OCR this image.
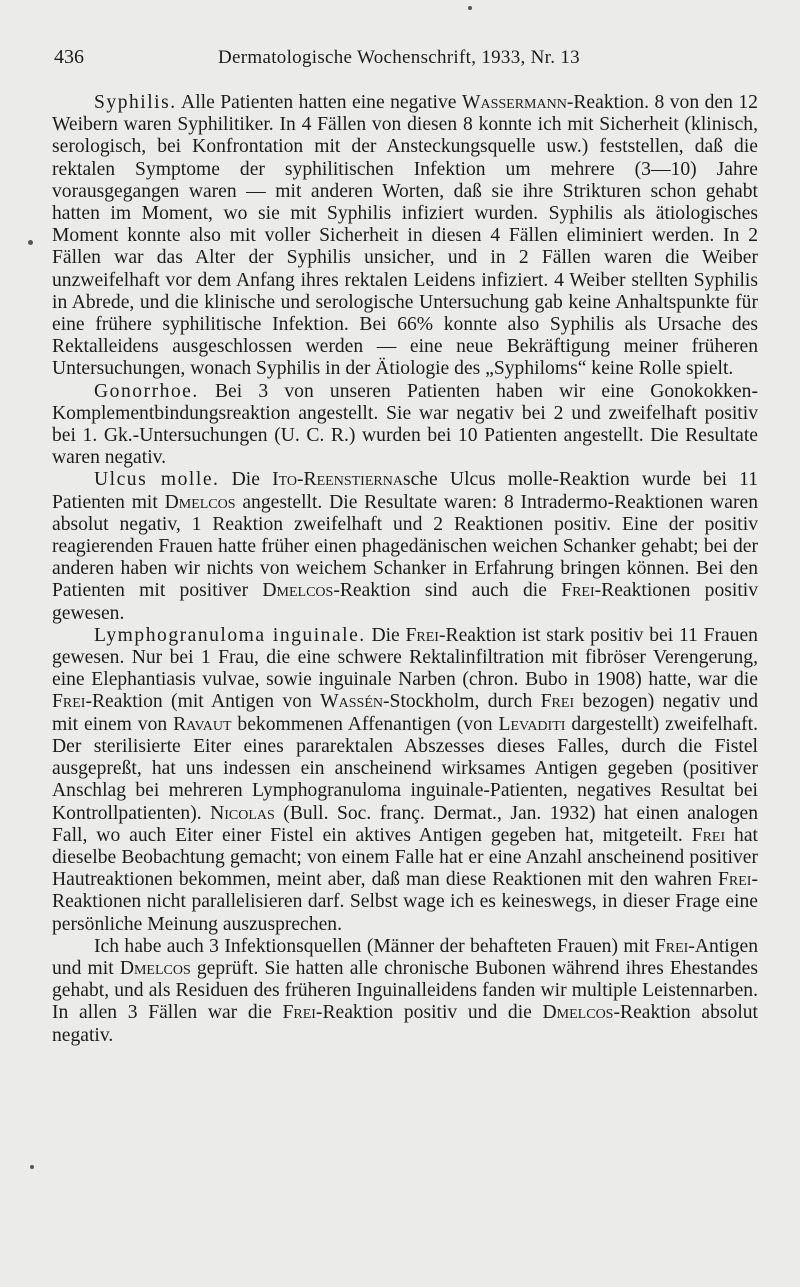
436	Dermatologische Wochenschrift, 1933, Nr. 13

Syphilis. Alle Patienten hatten eine negative Wassermann-Reaktion. 8 von den 12 Weibern waren Syphilitiker. In 4 Fällen von diesen 8 konnte ich mit Sicherheit (klinisch, serologisch, bei Konfrontation mit der Ansteckungsquelle usw.) feststellen, daß die rektalen Symptome der syphilitischen Infektion um mehrere (3—10) Jahre vorausgegangen waren — mit anderen Worten, daß sie ihre Strikturen schon gehabt hatten im Moment, wo sie mit Syphilis infiziert wurden. Syphilis als ätiologisches Moment konnte also mit voller Sicherheit in diesen 4 Fällen eliminiert werden. In 2 Fällen war das Alter der Syphilis unsicher, und in 2 Fällen waren die Weiber unzweifelhaft vor dem Anfang ihres rektalen Leidens infiziert. 4 Weiber stellten Syphilis in Abrede, und die klinische und serologische Untersuchung gab keine Anhaltspunkte für eine frühere syphilitische Infektion. Bei 66% konnte also Syphilis als Ursache des Rektalleidens ausgeschlossen werden — eine neue Bekräftigung meiner früheren Untersuchungen, wonach Syphilis in der Ätiologie des „Syphiloms“ keine Rolle spielt.

Gonorrhoe. Bei 3 von unseren Patienten haben wir eine Gonokokken-Komplementbindungsreaktion angestellt. Sie war negativ bei 2 und zweifelhaft positiv bei 1. Gk.-Untersuchungen (U. C. R.) wurden bei 10 Patienten angestellt. Die Resultate waren negativ.

Ulcus molle. Die Ito-Reenstiernasche Ulcus molle-Reaktion wurde bei 11 Patienten mit Dmelcos angestellt. Die Resultate waren: 8 Intradermo-Reaktionen waren absolut negativ, 1 Reaktion zweifelhaft und 2 Reaktionen positiv. Eine der positiv reagierenden Frauen hatte früher einen phagedänischen weichen Schanker gehabt; bei der anderen haben wir nichts von weichem Schanker in Erfahrung bringen können. Bei den Patienten mit positiver Dmelcos-Reaktion sind auch die Frei-Reaktionen positiv gewesen.

Lymphogranuloma inguinale. Die Frei-Reaktion ist stark positiv bei 11 Frauen gewesen. Nur bei 1 Frau, die eine schwere Rektalinfiltration mit fibröser Verengerung, eine Elephantiasis vulvae, sowie inguinale Narben (chron. Bubo in 1908) hatte, war die Frei-Reaktion (mit Antigen von Wassén-Stockholm, durch Frei bezogen) negativ und mit einem von Ravaut bekommenen Affenantigen (von Levaditi dargestellt) zweifelhaft. Der sterilisierte Eiter eines pararektalen Abszesses dieses Falles, durch die Fistel ausgepreßt, hat uns indessen ein anscheinend wirksames Antigen gegeben (positiver Anschlag bei mehreren Lymphogranuloma inguinale-Patienten, negatives Resultat bei Kontrollpatienten). Nicolas (Bull. Soc. franç. Dermat., Jan. 1932) hat einen analogen Fall, wo auch Eiter einer Fistel ein aktives Antigen gegeben hat, mitgeteilt. Frei hat dieselbe Beobachtung gemacht; von einem Falle hat er eine Anzahl anscheinend positiver Hautreaktionen bekommen, meint aber, daß man diese Reaktionen mit den wahren Frei-Reaktionen nicht parallelisieren darf. Selbst wage ich es keineswegs, in dieser Frage eine persönliche Meinung auszusprechen.

Ich habe auch 3 Infektionsquellen (Männer der behafteten Frauen) mit Frei-Antigen und mit Dmelcos geprüft. Sie hatten alle chronische Bubonen während ihres Ehestandes gehabt, und als Residuen des früheren Inguinalleidens fanden wir multiple Leistennarben. In allen 3 Fällen war die Frei-Reaktion positiv und die Dmelcos-Reaktion absolut negativ.
